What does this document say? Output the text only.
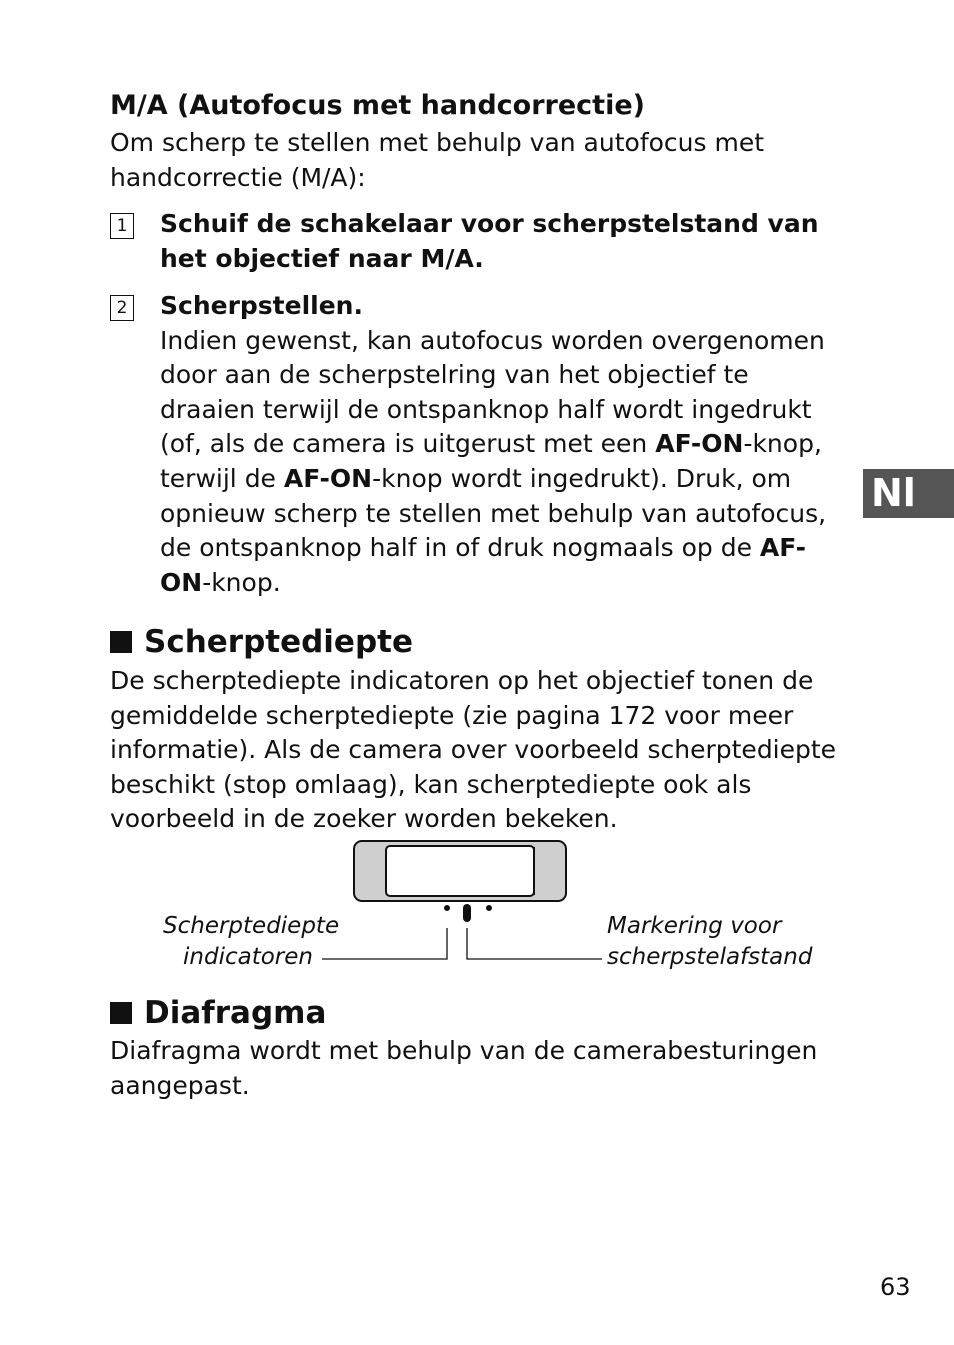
M/A (Autofocus met handcorrectie)
Om scherp te stellen met behulp van autofocus met handcorrectie (M/A):
1 Schuif de schakelaar voor scherpstelstand van het objectief naar M/A.
2 Scherpstellen.
Indien gewenst, kan autofocus worden overgenomen door aan de scherpstelring van het objectief te draaien terwijl de ontspanknop half wordt ingedrukt (of, als de camera is uitgerust met een AF-ON-knop, terwijl de AF-ON-knop wordt ingedrukt). Druk, om opnieuw scherp te stellen met behulp van autofocus, de ontspanknop half in of druk nogmaals op de AF-ON-knop.
Scherptediepte
De scherptediepte indicatoren op het objectief tonen de gemiddelde scherptediepte (zie pagina 172 voor meer informatie). Als de camera over voorbeeld scherptediepte beschikt (stop omlaag), kan scherptediepte ook als voorbeeld in de zoeker worden bekeken.
Scherptediepte
indicatoren
Markering voor
scherpstelafstand
Diafragma
Diafragma wordt met behulp van de camerabesturingen aangepast.
Nl
63
